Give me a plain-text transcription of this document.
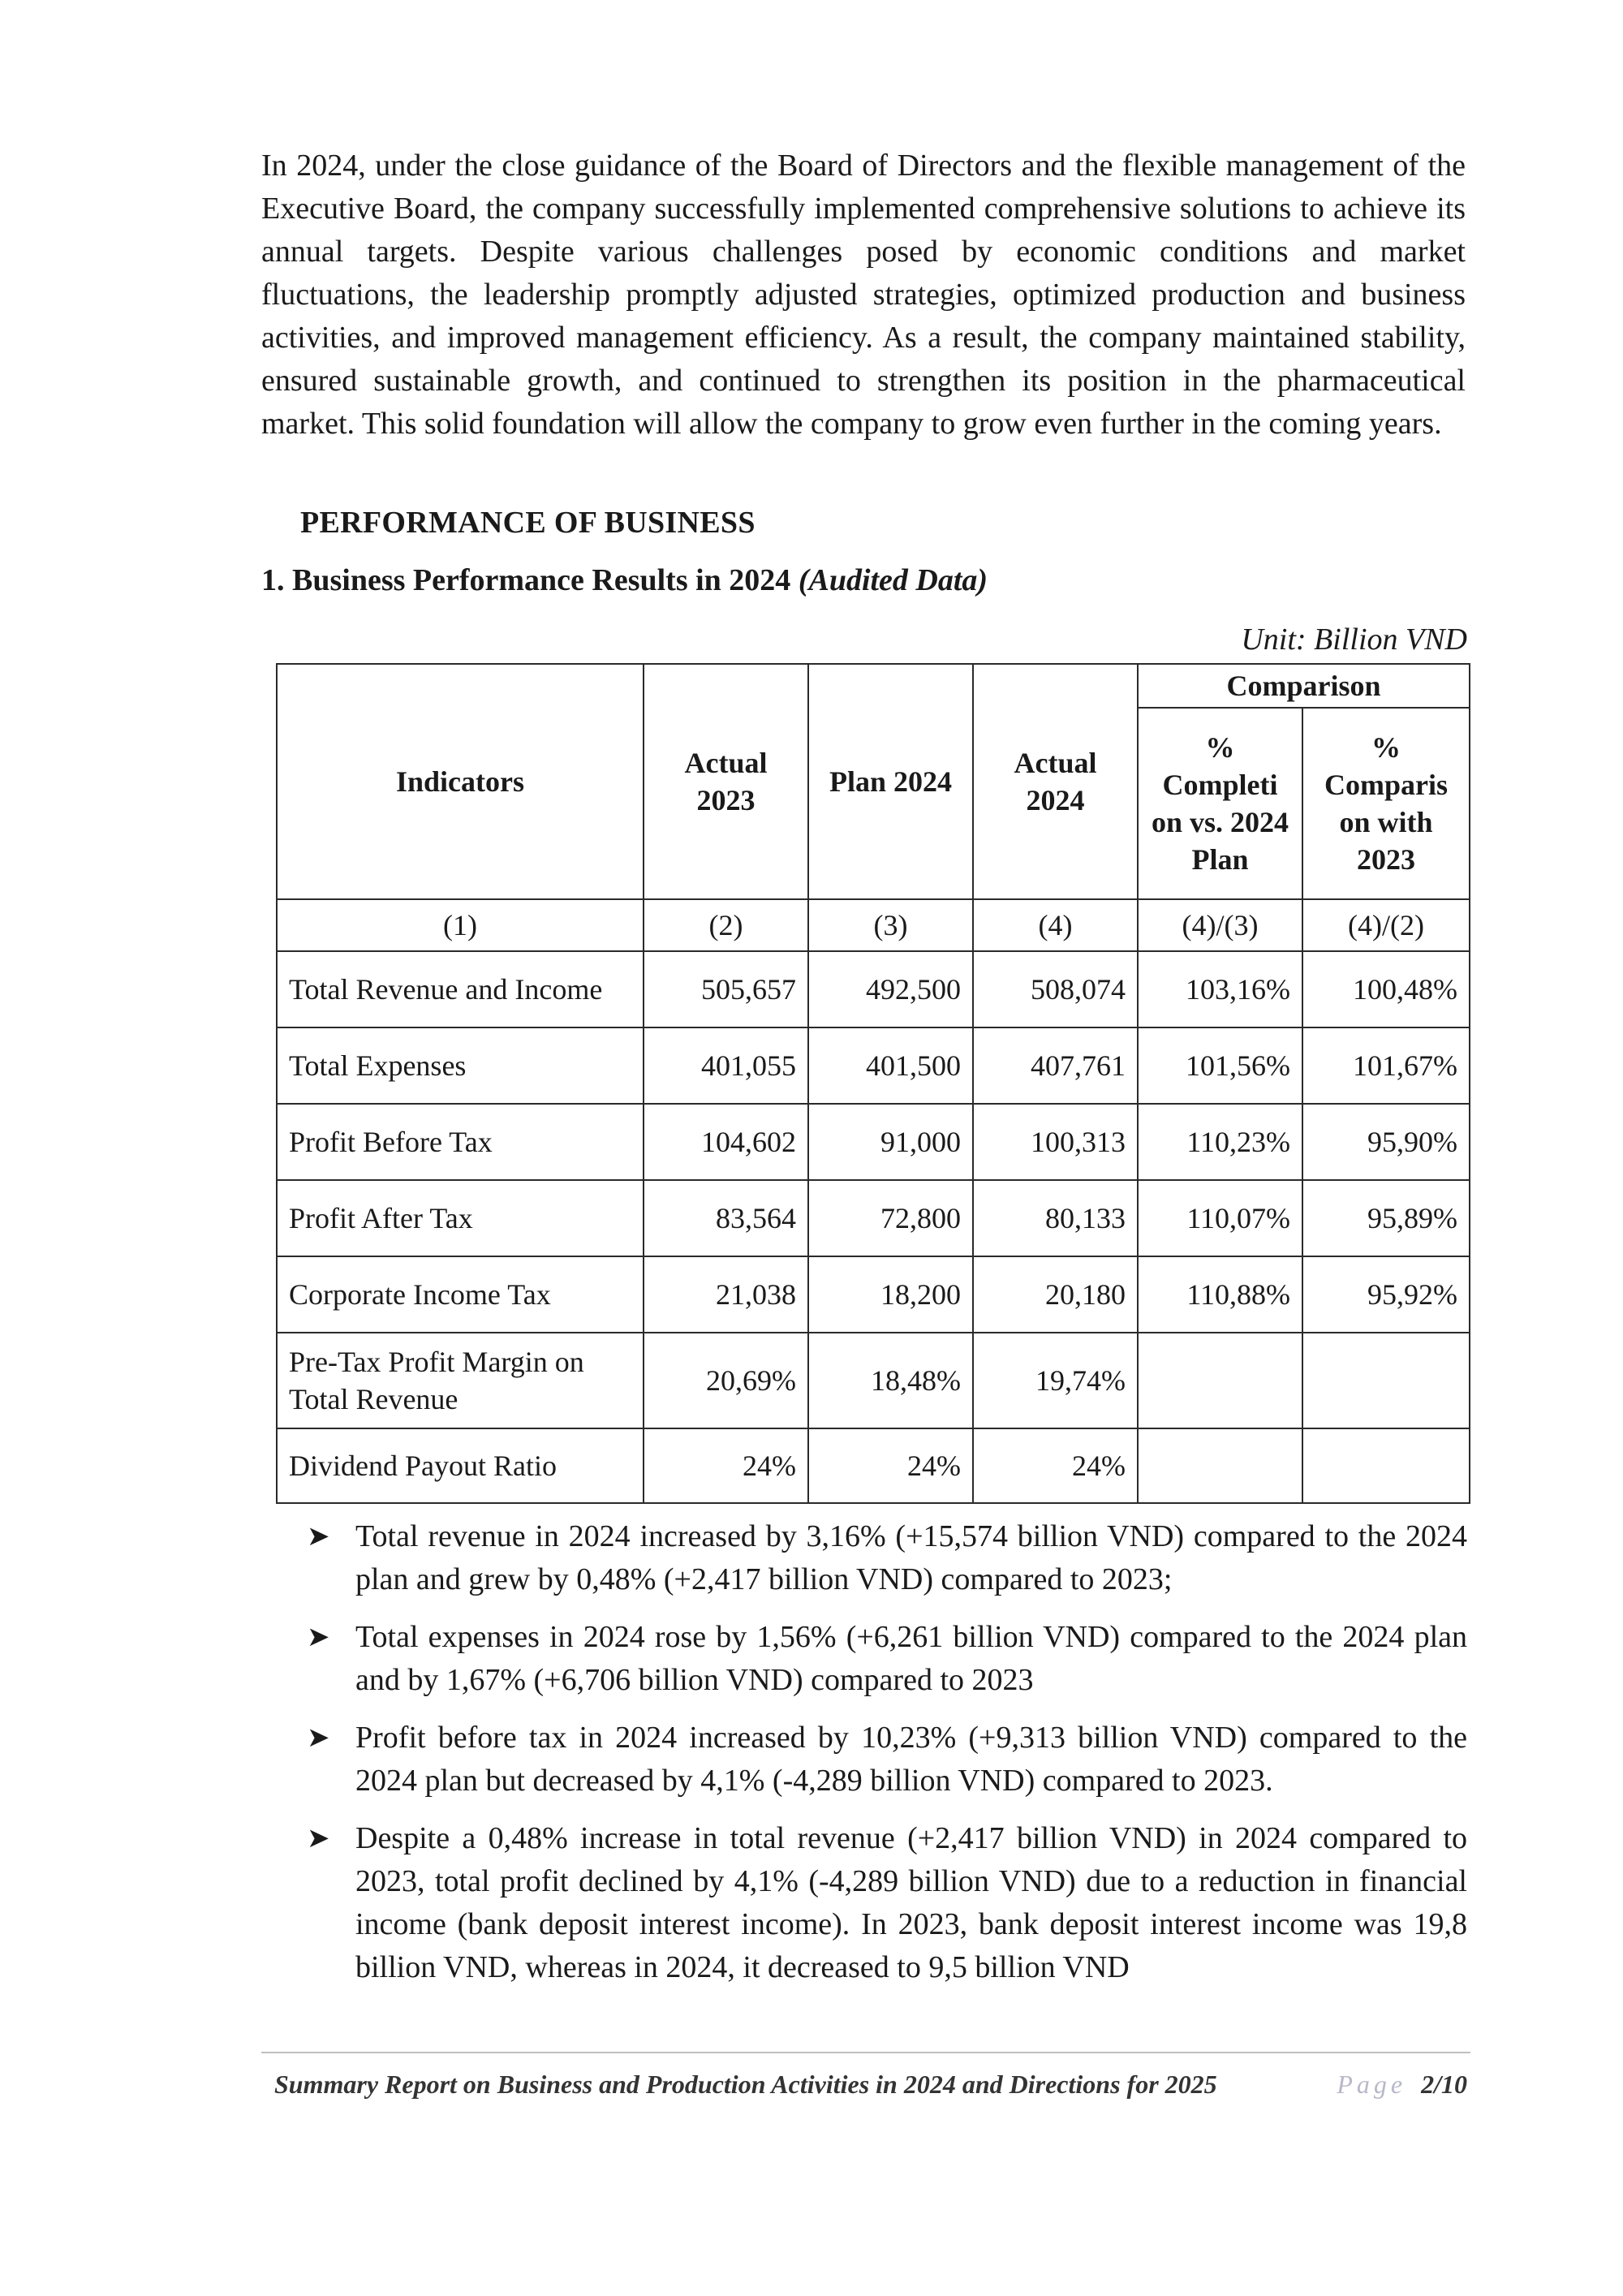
In 2024, under the close guidance of the Board of Directors and the flexible management of the Executive Board, the company successfully implemented comprehensive solutions to achieve its annual targets. Despite various challenges posed by economic conditions and market fluctuations, the leadership promptly adjusted strategies, optimized production and business activities, and improved management efficiency. As a result, the company maintained stability, ensured sustainable growth, and continued to strengthen its position in the pharmaceutical market. This solid foundation will allow the company to grow even further in the coming years.

PERFORMANCE OF BUSINESS
1. Business Performance Results in 2024 (Audited Data)

Unit: Billion VND

Indicators	Actual 2023	Plan 2024	Actual 2024	Comparison	
				% Completi on vs. 2024 Plan	% Comparis on with 2023
(1)	(2)	(3)	(4)	(4)/(3)	(4)/(2)
Total Revenue and Income	505,657	492,500	508,074	103,16%	100,48%
Total Expenses	401,055	401,500	407,761	101,56%	101,67%
Profit Before Tax	104,602	91,000	100,313	110,23%	95,90%
Profit After Tax	83,564	72,800	80,133	110,07%	95,89%
Corporate Income Tax	21,038	18,200	20,180	110,88%	95,92%
Pre-Tax Profit Margin on Total Revenue	20,69%	18,48%	19,74%		
Dividend Payout Ratio	24%	24%	24%		
➤ Total revenue in 2024 increased by 3,16% (+15,574 billion VND) compared to the 2024 plan and grew by 0,48% (+2,417 billion VND) compared to 2023;
➤ Total expenses in 2024 rose by 1,56% (+6,261 billion VND) compared to the 2024 plan and by 1,67% (+6,706 billion VND) compared to 2023
➤ Profit before tax in 2024 increased by 10,23% (+9,313 billion VND) compared to the 2024 plan but decreased by 4,1% (-4,289 billion VND) compared to 2023.
➤ Despite a 0,48% increase in total revenue (+2,417 billion VND) in 2024 compared to 2023, total profit declined by 4,1% (-4,289 billion VND) due to a reduction in financial income (bank deposit interest income). In 2023, bank deposit interest income was 19,8 billion VND, whereas in 2024, it decreased to 9,5 billion VND
Summary Report on Business and Production Activities in 2024 and Directions for 2025	Page 2/10
